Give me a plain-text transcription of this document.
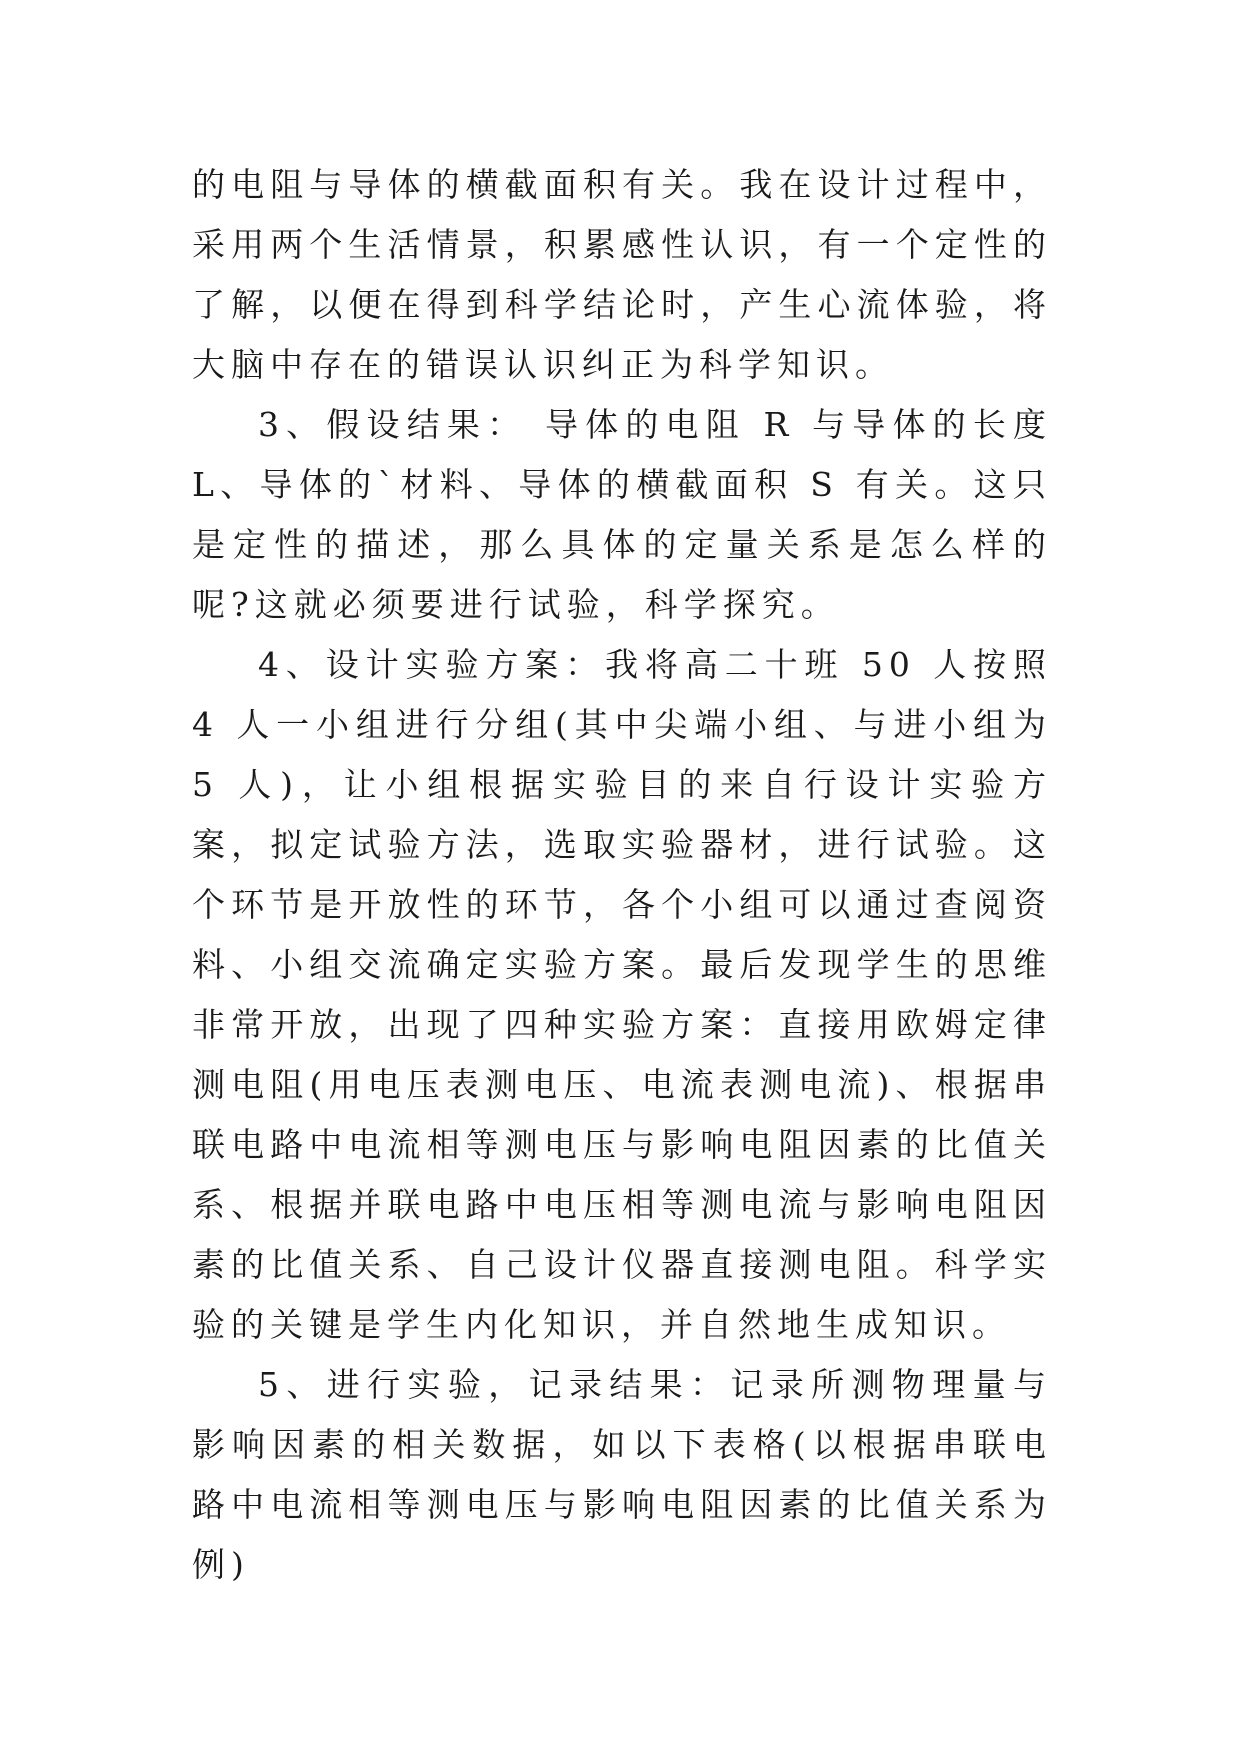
的电阻与导体的横截面积有关。我在设计过程中，采用两个生活情景，积累感性认识，有一个定性的了解，以便在得到科学结论时，产生心流体验，将大脑中存在的错误认识纠正为科学知识。

3、假设结果： 导体的电阻 R 与导体的长度 L、导体的`材料、导体的横截面积 S 有关。这只是定性的描述，那么具体的定量关系是怎么样的呢?这就必须要进行试验，科学探究。

4、设计实验方案：我将高二十班 50 人按照 4 人一小组进行分组(其中尖端小组、与进小组为 5 人)，让小组根据实验目的来自行设计实验方案，拟定试验方法，选取实验器材，进行试验。这个环节是开放性的环节，各个小组可以通过查阅资料、小组交流确定实验方案。最后发现学生的思维非常开放，出现了四种实验方案：直接用欧姆定律测电阻(用电压表测电压、电流表测电流)、根据串联电路中电流相等测电压与影响电阻因素的比值关系、根据并联电路中电压相等测电流与影响电阻因素的比值关系、自己设计仪器直接测电阻。科学实验的关键是学生内化知识，并自然地生成知识。

5、进行实验，记录结果：记录所测物理量与影响因素的相关数据，如以下表格(以根据串联电路中电流相等测电压与影响电阻因素的比值关系为例)
